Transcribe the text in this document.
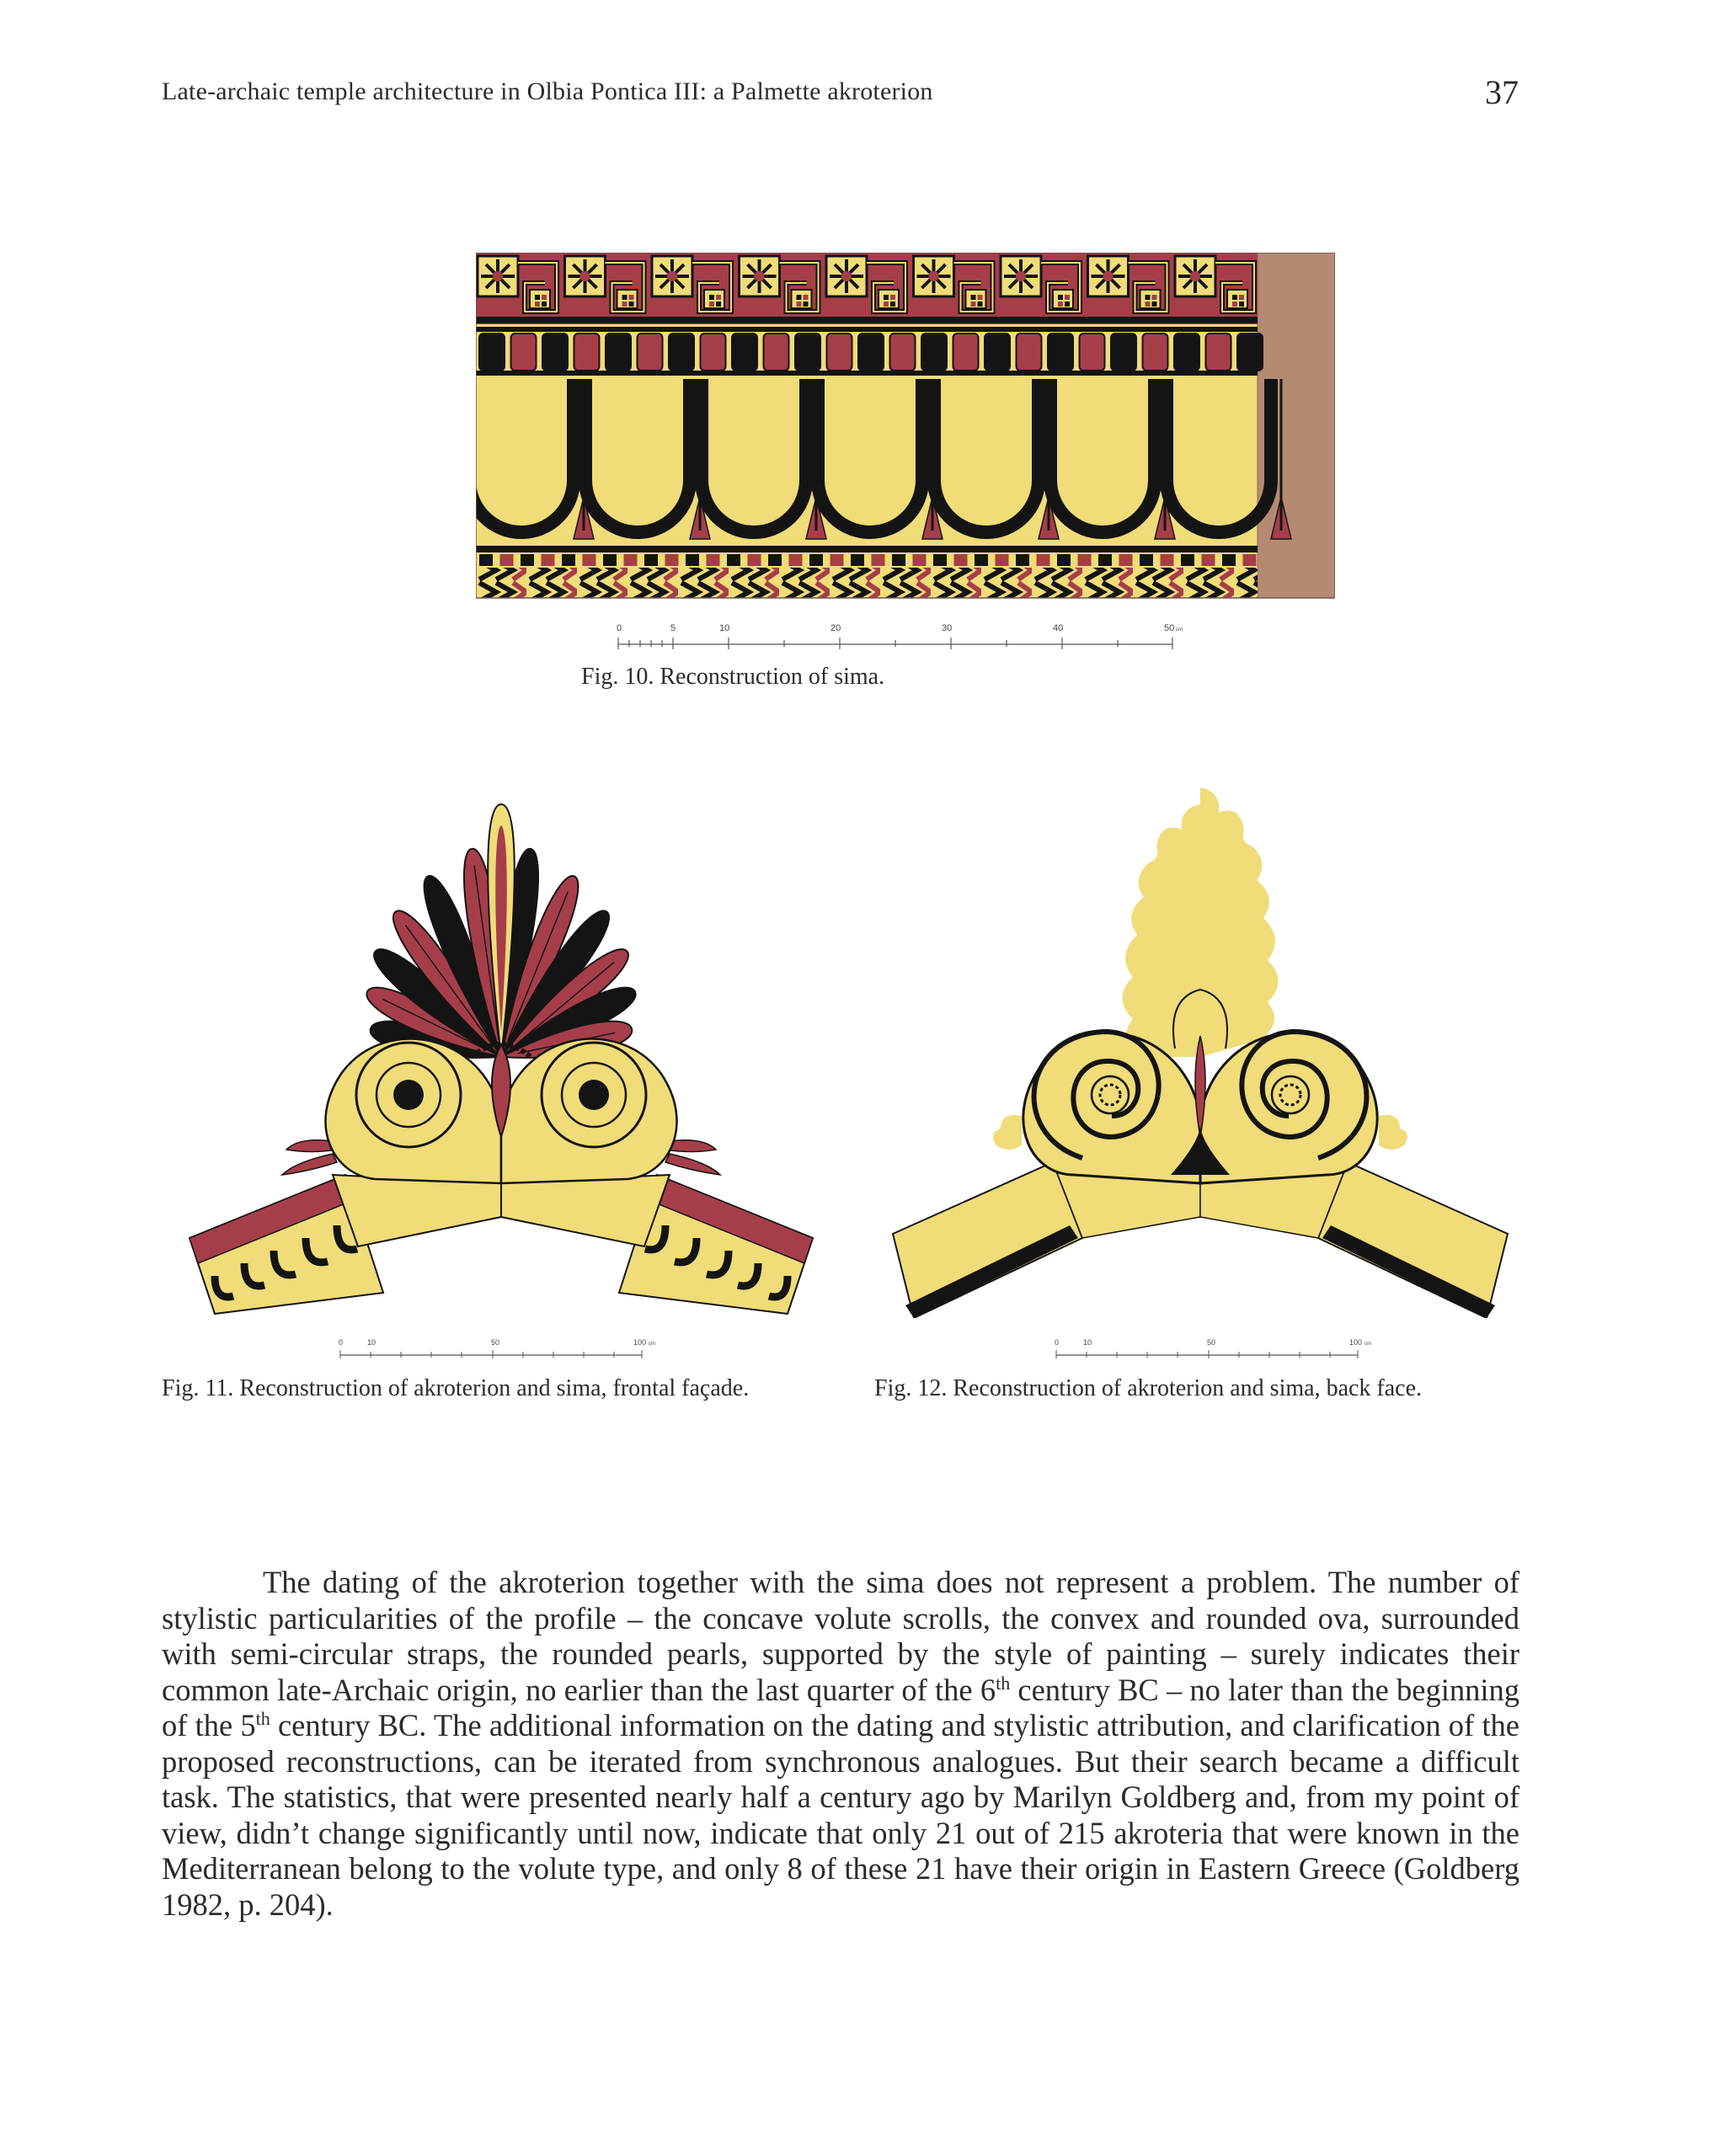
Late-archaic temple architecture in Olbia Pontica III: a Palmette akroterion	37
0	5	10	20	30	40	50 cm
Fig. 10. Reconstruction of sima.
0	10	50	100 cm
Fig. 11. Reconstruction of akroterion and sima, frontal façade.
0	10	50	100 cm
Fig. 12. Reconstruction of akroterion and sima, back face.
The dating of the akroterion together with the sima does not represent a problem. The number of stylistic particularities of the profile – the concave volute scrolls, the convex and rounded ova, surrounded with semi-circular straps, the rounded pearls, supported by the style of painting – surely indicates their common late-Archaic origin, no earlier than the last quarter of the 6th century BC – no later than the beginning of the 5th century BC. The additional information on the dating and stylistic attribution, and clarification of the proposed reconstructions, can be iterated from synchronous analogues. But their search became a difficult task. The statistics, that were presented nearly half a century ago by Marilyn Goldberg and, from my point of view, didn’t change significantly until now, indicate that only 21 out of 215 akroteria that were known in the Mediterranean belong to the volute type, and only 8 of these 21 have their origin in Eastern Greece (Goldberg 1982, p. 204).
